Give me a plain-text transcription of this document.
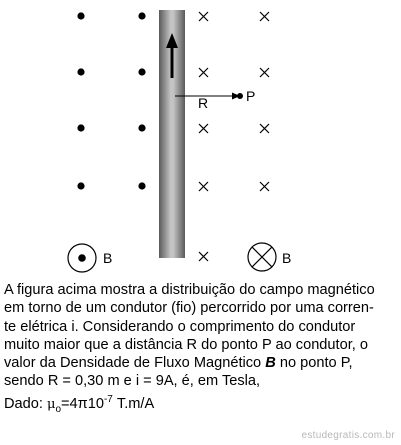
R	P
B	B

A figura acima mostra a distribuição do campo magnético
em torno de um condutor (fio) percorrido por uma corren-
te elétrica i. Considerando o comprimento do condutor
muito maior que a distância R do ponto P ao condutor, o
valor da Densidade de Fluxo Magnético B no ponto P,
sendo R = 0,30 m e i = 9A, é, em Tesla,

Dado: $\mu_o=4\pi 10^{-7}$ T.m/A
estudegratis.com.br
